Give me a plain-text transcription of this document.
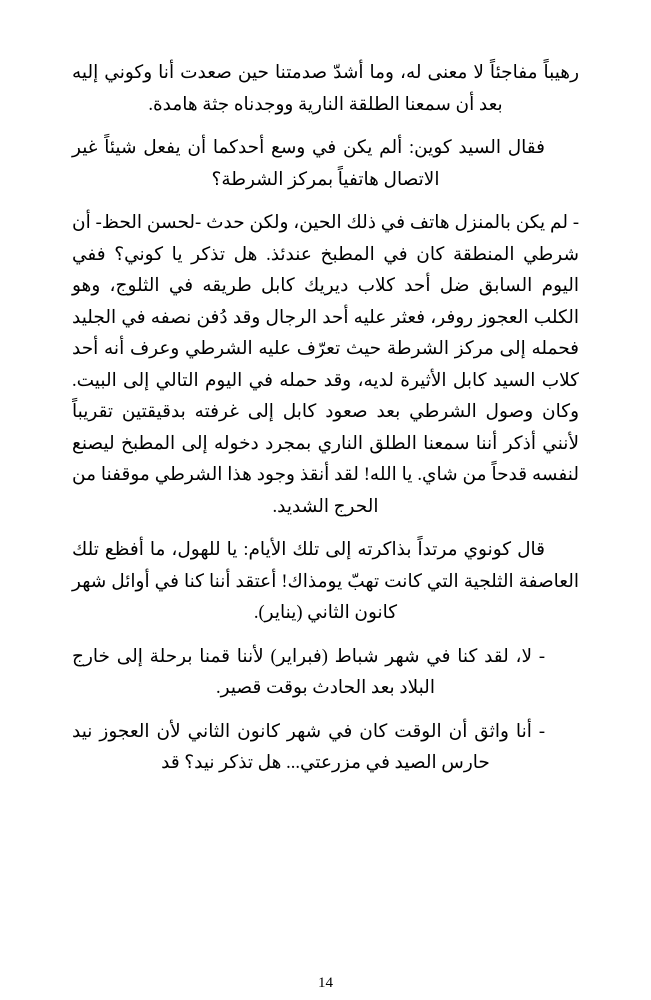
رهيباً مفاجئاً لا معنى له، وما أشدّ صدمتنا حين صعدت أنا وكوني إليه بعد أن سمعنا الطلقة النارية ووجدناه جثة هامدة.

فقال السيد كوين: ألم يكن في وسع أحدكما أن يفعل شيئاً غير الاتصال هاتفياً بمركز الشرطة؟

- لم يكن بالمنزل هاتف في ذلك الحين، ولكن حدث -لحسن الحظ- أن شرطي المنطقة كان في المطبخ عندئذ. هل تذكر يا كوني؟ ففي اليوم السابق ضل أحد كلاب ديريك كابل طريقه في الثلوج، وهو الكلب العجوز روفر، فعثر عليه أحد الرجال وقد دُفن نصفه في الجليد فحمله إلى مركز الشرطة حيث تعرّف عليه الشرطي وعرف أنه أحد كلاب السيد كابل الأثيرة لديه، وقد حمله في اليوم التالي إلى البيت. وكان وصول الشرطي بعد صعود كابل إلى غرفته بدقيقتين تقريباً لأنني أذكر أننا سمعنا الطلق الناري بمجرد دخوله إلى المطبخ ليصنع لنفسه قدحاً من شاي. يا الله! لقد أنقذ وجود هذا الشرطي موقفنا من الحرج الشديد.

قال كونوي مرتداً بذاكرته إلى تلك الأيام: يا للهول، ما أفظع تلك العاصفة الثلجية التي كانت تهبّ يومذاك! أعتقد أننا كنا في أوائل شهر كانون الثاني (يناير).

- لا، لقد كنا في شهر شباط (فبراير) لأننا قمنا برحلة إلى خارج البلاد بعد الحادث بوقت قصير.

- أنا واثق أن الوقت كان في شهر كانون الثاني لأن العجوز نيد حارس الصيد في مزرعتي... هل تذكر نيد؟ قد

14
